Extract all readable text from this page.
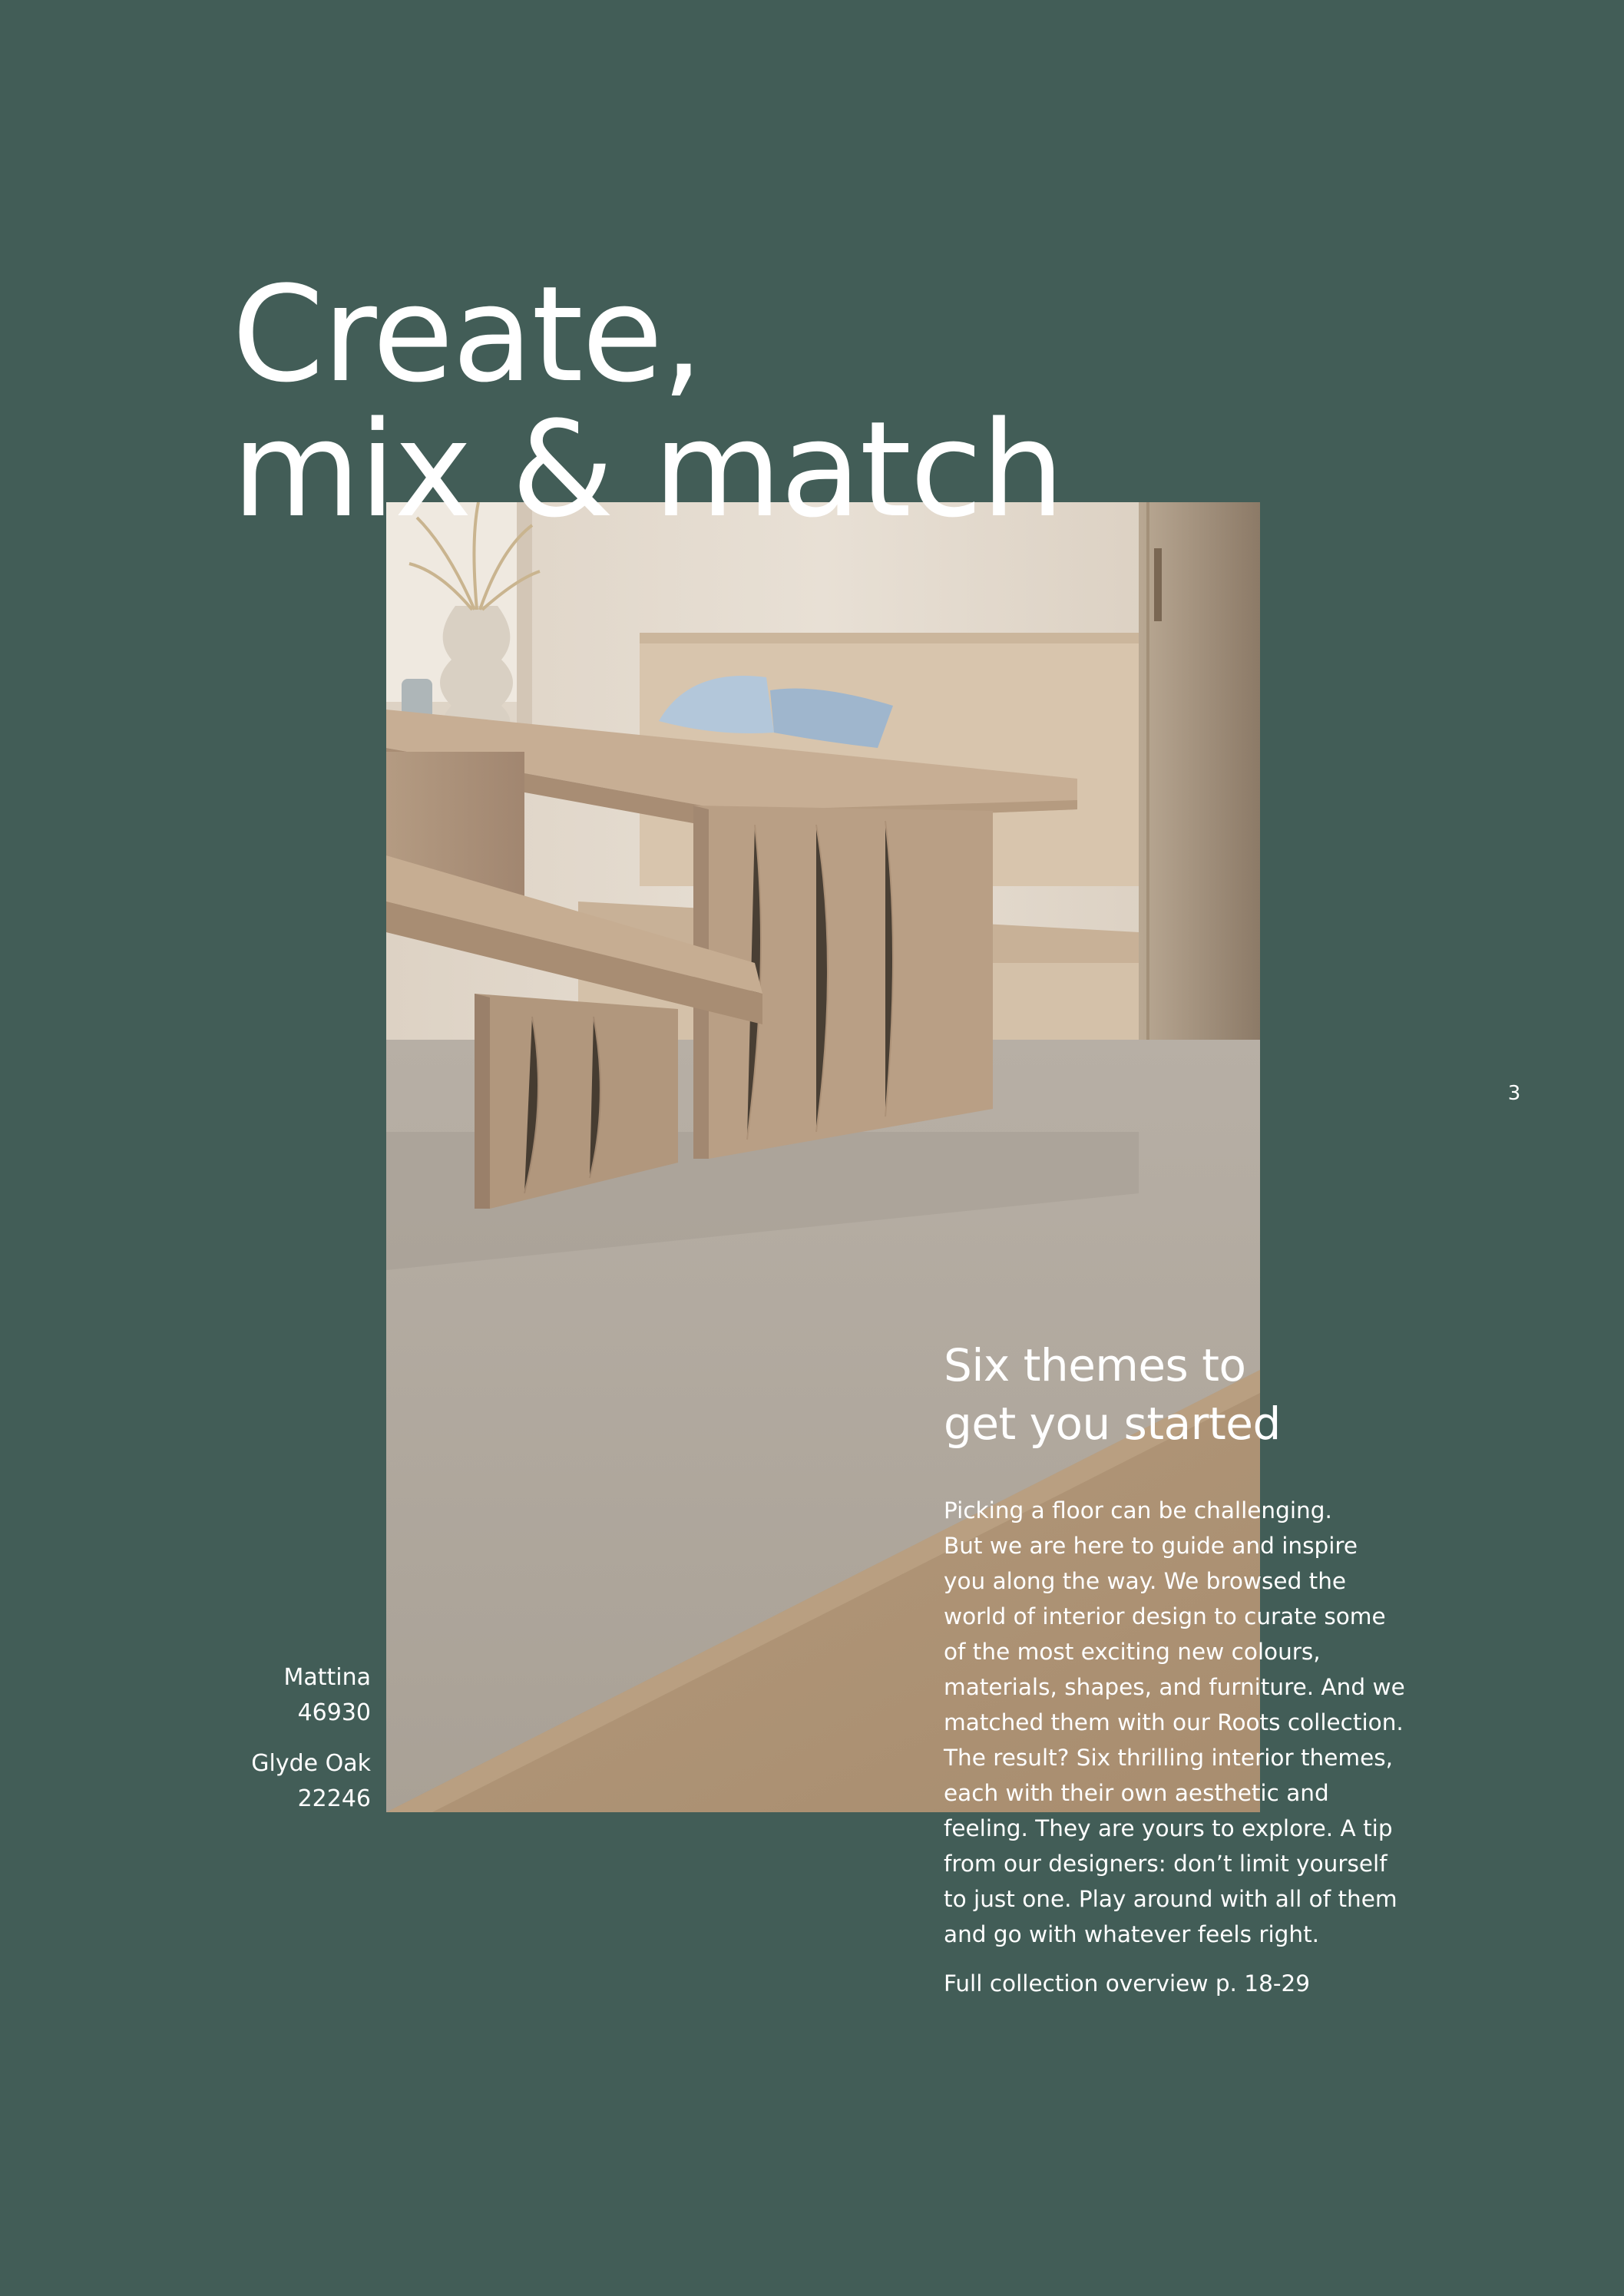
Create,
mix & match
3

Mattina
46930

Glyde Oak
22246

Six themes to
get you started

Picking a floor can be challenging.
But we are here to guide and inspire
you along the way. We browsed the
world of interior design to curate some
of the most exciting new colours,
materials, shapes, and furniture. And we
matched them with our Roots collection.
The result? Six thrilling interior themes,
each with their own aesthetic and
feeling. They are yours to explore. A tip
from our designers: don’t limit yourself
to just one. Play around with all of them
and go with whatever feels right.

Full collection overview p. 18-29
